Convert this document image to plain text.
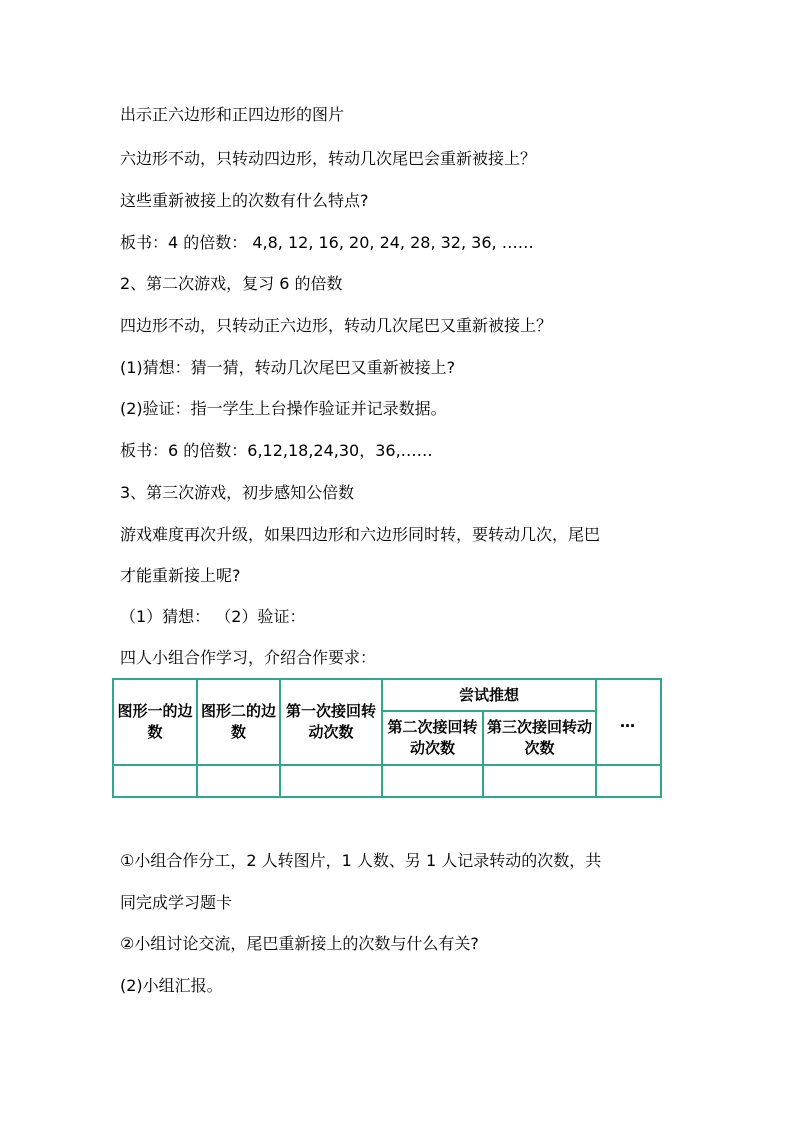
出示正六边形和正四边形的图片
六边形不动，只转动四边形，转动几次尾巴会重新被接上？
这些重新被接上的次数有什么特点?
板书：4 的倍数： 4,8, 12, 16, 20, 24, 28, 32, 36, ……
2、第二次游戏，复习 6 的倍数
四边形不动，只转动正六边形，转动几次尾巴又重新被接上？
(1)猜想：猜一猜，转动几次尾巴又重新被接上?
(2)验证：指一学生上台操作验证并记录数据。
板书：6 的倍数：6,12,18,24,30，36,……
3、第三次游戏，初步感知公倍数
游戏难度再次升级，如果四边形和六边形同时转，要转动几次，尾巴
才能重新接上呢?
（1）猜想： （2）验证：
四人小组合作学习，介绍合作要求：
图形一的边数	图形二的边数	第一次接回转动次数	尝试推想		…
			第二次接回转动次数	第三次接回转动次数	

①小组合作分工，2 人转图片，1 人数、另 1 人记录转动的次数，共
同完成学习题卡
②小组讨论交流，尾巴重新接上的次数与什么有关?
(2)小组汇报。
